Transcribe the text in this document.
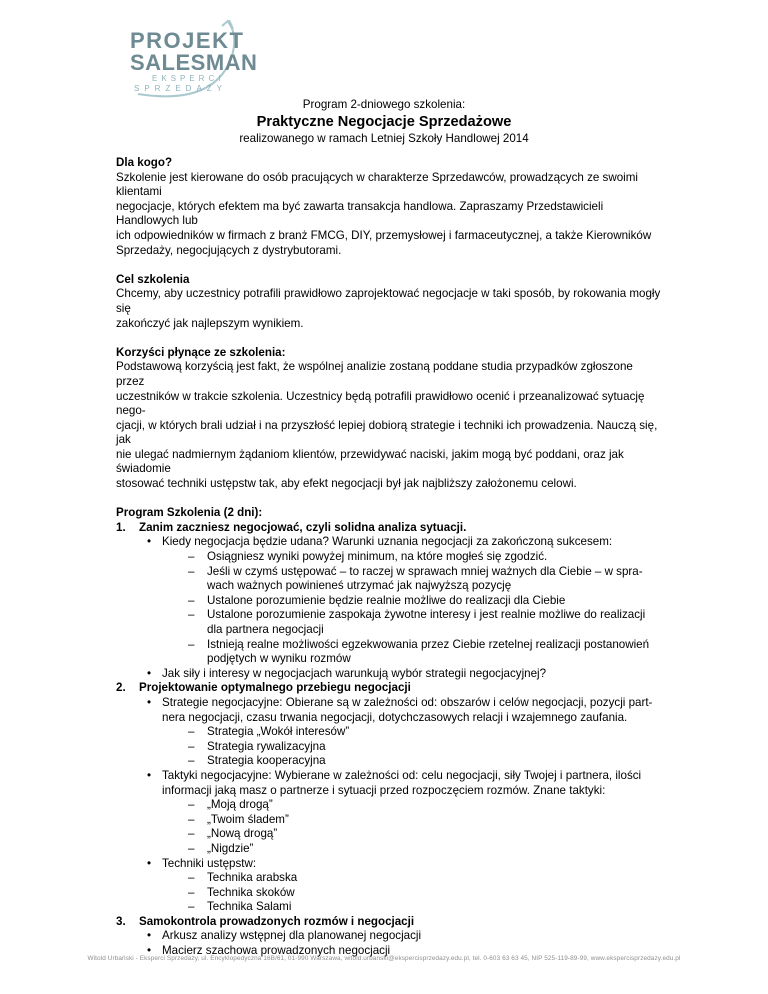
PROJEKT
SALESMAN
EKSPERCI
SPRZEDAŻY
Program 2-dniowego szkolenia:
Praktyczne Negocjacje Sprzedażowe
realizowanego w ramach Letniej Szkoły Handlowej 2014
Dla kogo?
Szkolenie jest kierowane do osób pracujących w charakterze Sprzedawców, prowadzących ze swoimi klientami
negocjacje, których efektem ma być zawarta transakcja handlowa. Zapraszamy Przedstawicieli Handlowych lub
ich odpowiedników w firmach z branż FMCG, DIY, przemysłowej i farmaceutycznej, a także Kierowników
Sprzedaży, negocjujących z dystrybutorami.
Cel szkolenia
Chcemy, aby uczestnicy potrafili prawidłowo zaprojektować negocjacje w taki sposób, by rokowania mogły się
zakończyć jak najlepszym wynikiem.
Korzyści płynące ze szkolenia:
Podstawową korzyścią jest fakt, że wspólnej analizie zostaną poddane studia przypadków zgłoszone przez
uczestników w trakcie szkolenia. Uczestnicy będą potrafili prawidłowo ocenić i przeanalizować sytuację nego-
cjacji, w których brali udział i na przyszłość lepiej dobiorą strategie i techniki ich prowadzenia. Nauczą się, jak
nie ulegać nadmiernym żądaniom klientów, przewidywać naciski, jakim mogą być poddani, oraz jak świadomie
stosować techniki ustępstw tak, aby efekt negocjacji był jak najbliższy założonemu celowi.
Program Szkolenia (2 dni):
1. Zanim zaczniesz negocjować, czyli solidna analiza sytuacji.
• Kiedy negocjacja będzie udana? Warunki uznania negocjacji za zakończoną sukcesem:
– Osiągniesz wyniki powyżej minimum, na które mogłeś się zgodzić.
– Jeśli w czymś ustępować – to raczej w sprawach mniej ważnych dla Ciebie – w spra-
wach ważnych powinieneś utrzymać jak najwyższą pozycję
– Ustalone porozumienie będzie realnie możliwe do realizacji dla Ciebie
– Ustalone porozumienie zaspokaja żywotne interesy i jest realnie możliwe do realizacji
dla partnera negocjacji
– Istnieją realne możliwości egzekwowania przez Ciebie rzetelnej realizacji postanowień
podjętych w wyniku rozmów
• Jak siły i interesy w negocjacjach warunkują wybór strategii negocjacyjnej?
2. Projektowanie optymalnego przebiegu negocjacji
• Strategie negocjacyjne: Obierane są w zależności od: obszarów i celów negocjacji, pozycji part-
nera negocjacji, czasu trwania negocjacji, dotychczasowych relacji i wzajemnego zaufania.
– Strategia „Wokół interesów”
– Strategia rywalizacyjna
– Strategia kooperacyjna
• Taktyki negocjacyjne: Wybierane w zależności od: celu negocjacji, siły Twojej i partnera, ilości
informacji jaką masz o partnerze i sytuacji przed rozpoczęciem rozmów. Znane taktyki:
– „Moją drogą”
– „Twoim śladem”
– „Nową drogą”
– „Nigdzie”
• Techniki ustępstw:
– Technika arabska
– Technika skoków
– Technika Salami
3. Samokontrola prowadzonych rozmów i negocjacji
• Arkusz analizy wstępnej dla planowanej negocjacji
• Macierz szachowa prowadzonych negocjacji
Witold Urbański - Eksperci Sprzedaży, ul. Encyklopedyczna 16B/61, 01-990 Warszawa, witold.urbanski@ekspercisprzedazy.edu.pl, tel. 0-603 63 63 45, NIP 525-119-89-99, www.ekspercisprzedazy.edu.pl
